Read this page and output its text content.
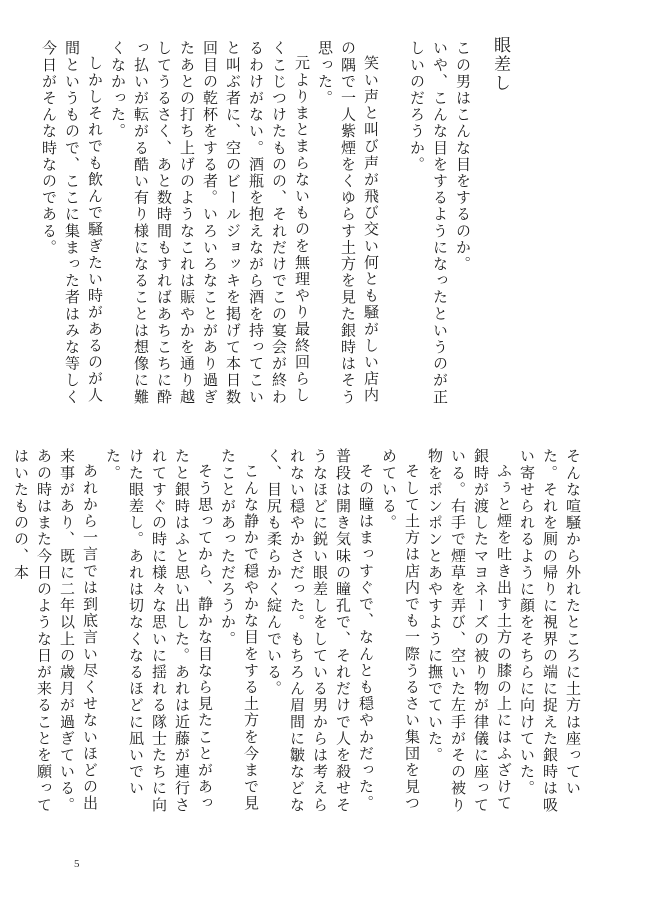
眼差し
この男はこんな目をするのか。
いや、こんな目をするようになったというのが正しいのだろうか。
笑い声と叫び声が飛び交い何とも騒がしい店内の隅で一人紫煙をくゆらす土方を見た銀時はそう思った。
元よりまとまらないものを無理やり最終回らしくこじつけたものの、それだけでこの宴会が終わるわけがない。酒瓶を抱えながら酒を持ってこいと叫ぶ者に、空のビールジョッキを掲げて本日数回目の乾杯をする者。いろいろなことがあり過ぎたあとの打ち上げのようなこれは賑やかを通り越してうるさく、あと数時間もすればあちこちに酔っ払いが転がる酷い有り様になることは想像に難くなかった。
しかしそれでも飲んで騒ぎたい時があるのが人間というもので、ここに集まった者はみな等しく今日がそんな時なのである。
そんな喧騒から外れたところに土方は座っていた。それを厠の帰りに視界の端に捉えた銀時は吸い寄せられるように顔をそちらに向けていた。
ふぅと煙を吐き出す土方の膝の上にはふざけて銀時が渡したマヨネーズの被り物が律儀に座っている。右手で煙草を弄び、空いた左手がその被り物をポンポンとあやすように撫でていた。
そして土方は店内でも一際うるさい集団を見つめている。
その瞳はまっすぐで、なんとも穏やかだった。普段は開き気味の瞳孔で、それだけで人を殺せそうなほどに鋭い眼差しをしている男からは考えられない穏やかさだった。もちろん眉間に皺などなく、目尻も柔らかく綻んでいる。
こんな静かで穏やかな目をする土方を今まで見たことがあっただろうか。
そう思ってから、静かな目なら見たことがあったと銀時はふと思い出した。あれは近藤が連行されてすぐの時に様々な思いに揺れる隊士たちに向けた眼差し。あれは切なくなるほどに凪いでいた。
あれから一言では到底言い尽くせないほどの出来事があり、既に二年以上の歳月が過ぎている。あの時はまた今日のような日が来ることを願ってはいたものの、本
5
